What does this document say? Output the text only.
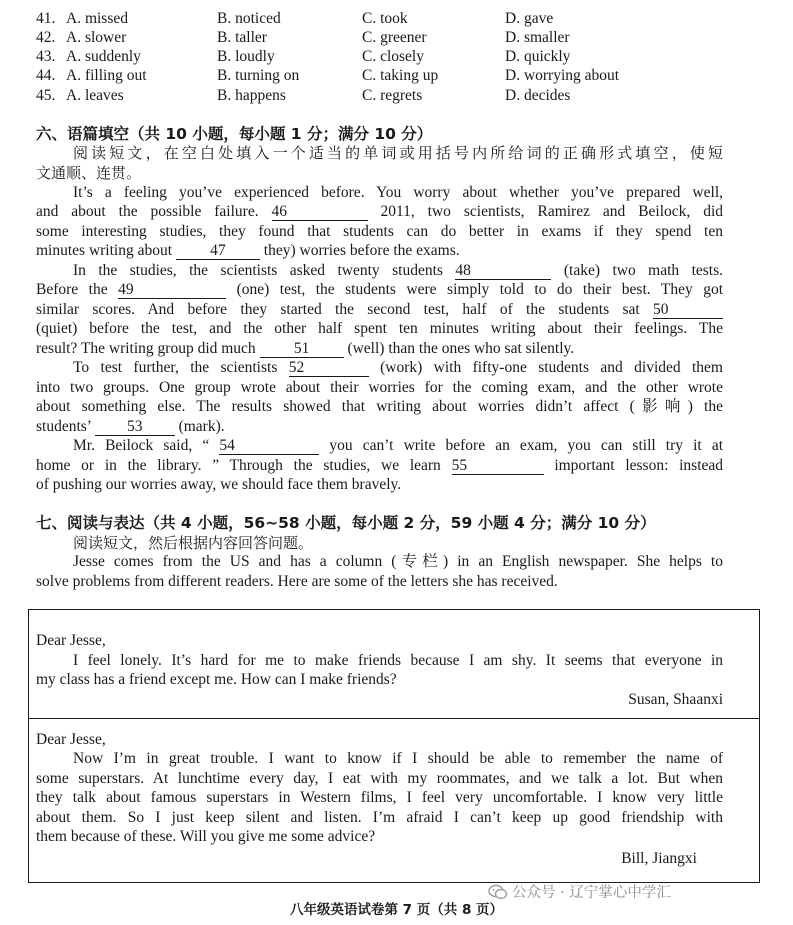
41. A. missed	B. noticed	C. took	D. gave
42. A. slower	B. taller	C. greener	D. smaller
43. A. suddenly	B. loudly	C. closely	D. quickly
44. A. filling out	B. turning on	C. taking up	D. worrying about
45. A. leaves	B. happens	C. regrets	D. decides
六、语篇填空（共 10 小题，每小题 1 分；满分 10 分）
阅读短文，在空白处填入一个适当的单词或用括号内所给词的正确形式填空，使短
文通顺、连贯。
It’s a feeling you’ve experienced before. You worry about whether you’ve prepared well,
and about the possible failure. 46	2011, two scientists, Ramirez and Beilock, did
some interesting studies, they found that students can do better in exams if they spend ten
minutes writing about 47 they) worries before the exams.
In the studies, the scientists asked twenty students 48	(take) two math tests.
Before the 49	(one) test, the students were simply told to do their best. They got
similar scores. And before they started the second test, half of the students sat 50
(quiet) before the test, and the other half spent ten minutes writing about their feelings. The
result? The writing group did much 51 (well) than the ones who sat silently.
To test further, the scientists 52	(work) with fifty-one students and divided them
into two groups. One group wrote about their worries for the coming exam, and the other wrote
about something else. The results showed that writing about worries didn’t affect (影响) the
students’ 53 (mark).
Mr. Beilock said, “ 54	you can’t write before an exam, you can still try it at
home or in the library. ” Through the studies, we learn 55	important lesson: instead
of pushing our worries away, we should face them bravely.
七、阅读与表达（共 4 小题，56~58 小题，每小题 2 分，59 小题 4 分；满分 10 分）
阅读短文，然后根据内容回答问题。
Jesse comes from the US and has a column (专栏) in an English newspaper. She helps to
solve problems from different readers. Here are some of the letters she has received.
Dear Jesse,
I feel lonely. It’s hard for me to make friends because I am shy. It seems that everyone in
my class has a friend except me. How can I make friends?
Susan, Shaanxi
Dear Jesse,
Now I’m in great trouble. I want to know if I should be able to remember the name of
some superstars. At lunchtime every day, I eat with my roommates, and we talk a lot. But when
they talk about famous superstars in Western films, I feel very uncomfortable. I know very little
about them. So I just keep silent and listen. I’m afraid I can’t keep up good friendship with
them because of these. Will you give me some advice?
Bill, Jiangxi
公众号 · 辽宁掌心中学汇
八年级英语试卷第 7 页（共 8 页）
